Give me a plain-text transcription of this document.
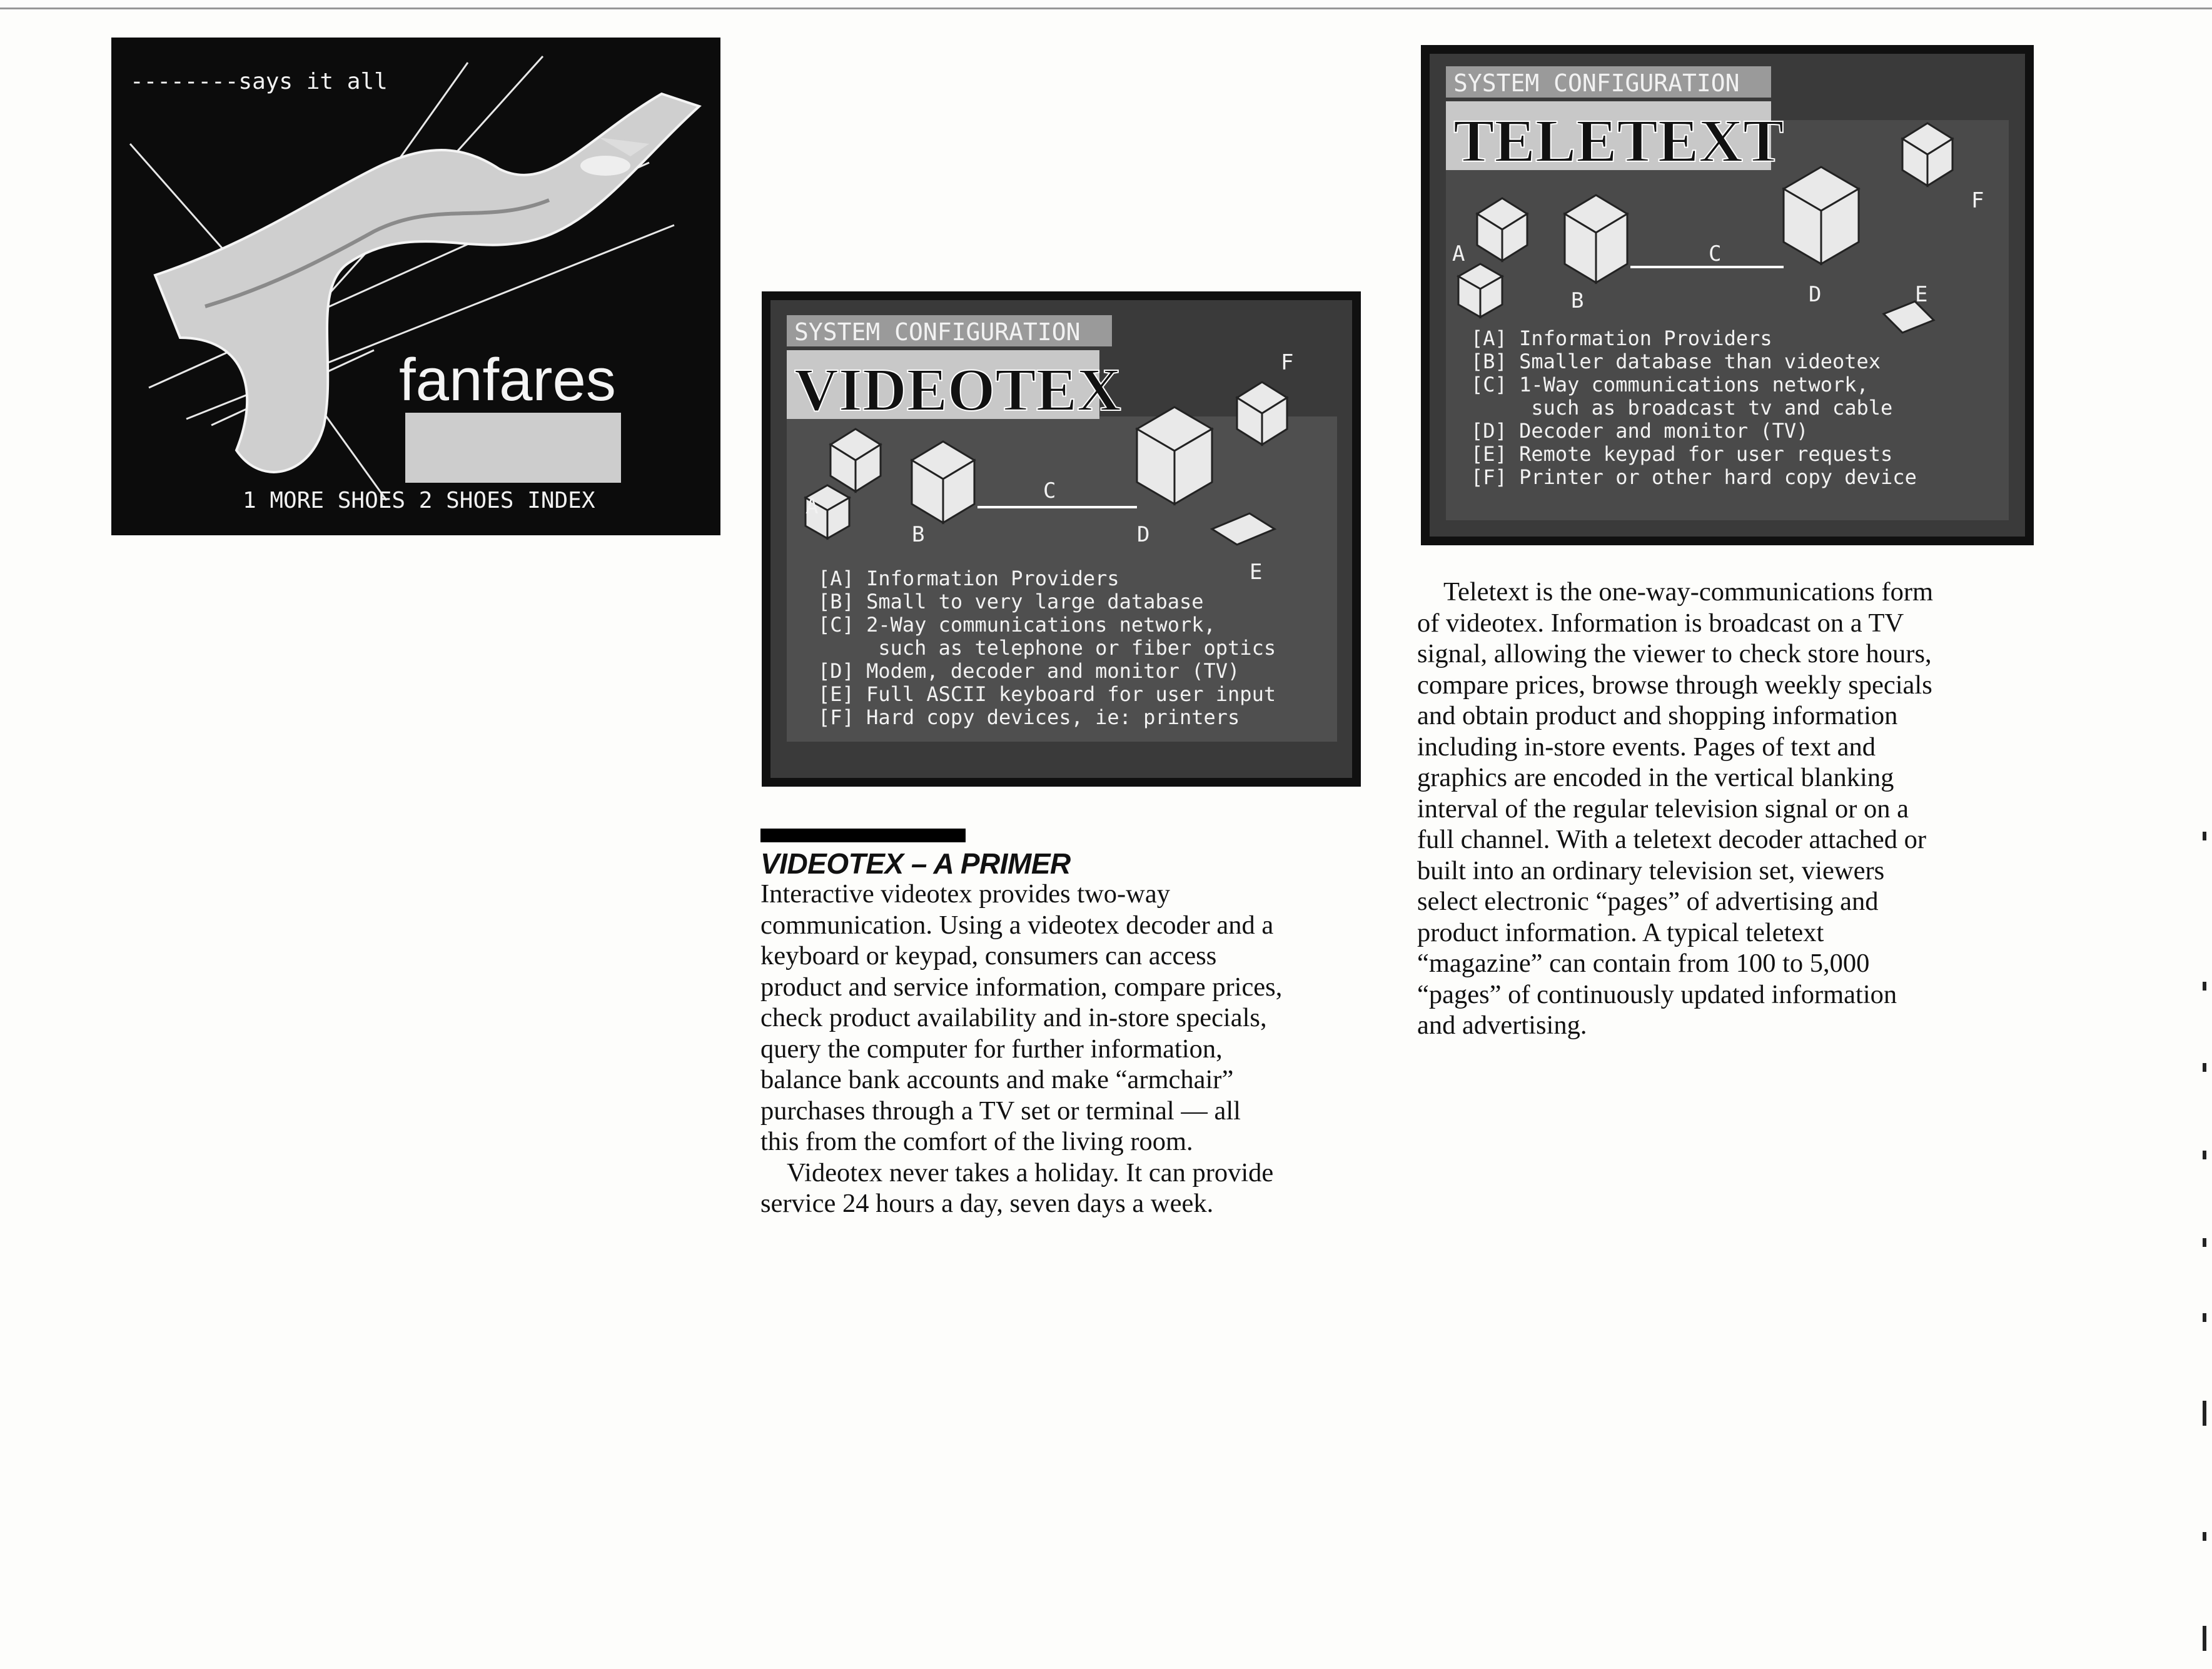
--------says it all
fanfares
1 MORE SHOES 2 SHOES INDEX
SYSTEM CONFIGURATION
VIDEOTEX
A
B
C
D
E
F
[A] Information Providers
[B] Small to very large database
[C] 2-Way communications network,
such as telephone or fiber optics
[D] Modem, decoder and monitor (TV)
[E] Full ASCII keyboard for user input
[F] Hard copy devices, ie: printers
SYSTEM CONFIGURATION
TELETEXT
A
B
C
D	E
F
[A] Information Providers
[B] Smaller database than videotex
[C] 1-Way communications network,
such as broadcast tv and cable
[D] Decoder and monitor (TV)
[E] Remote keypad for user requests
[F] Printer or other hard copy device
VIDEOTEX – A PRIMER

Interactive videotex provides two-way

communication. Using a videotex decoder and a

keyboard or keypad, consumers can access

product and service information, compare prices,

check product availability and in-store specials,

query the computer for further information,

balance bank accounts and make “armchair”

purchases through a TV set or terminal — all

this from the comfort of the living room.

Videotex never takes a holiday. It can provide

service 24 hours a day, seven days a week.

Teletext is the one-way-communications form

of videotex. Information is broadcast on a TV

signal, allowing the viewer to check store hours,

compare prices, browse through weekly specials

and obtain product and shopping information

including in-store events. Pages of text and

graphics are encoded in the vertical blanking

interval of the regular television signal or on a

full channel. With a teletext decoder attached or

built into an ordinary television set, viewers

select electronic “pages” of advertising and

product information. A typical teletext

“magazine” can contain from 100 to 5,000

“pages” of continuously updated information

and advertising.
